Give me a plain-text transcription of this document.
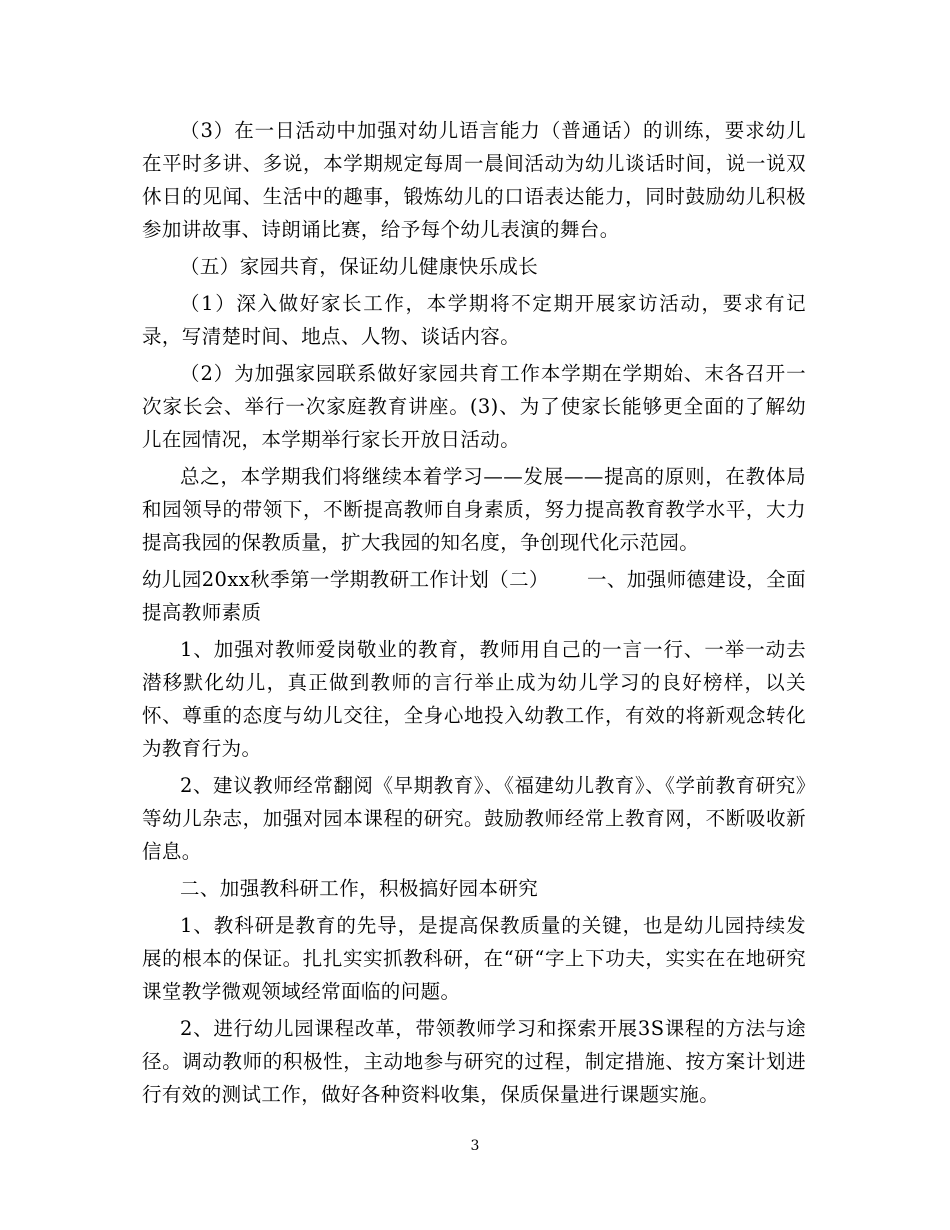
（3）在一日活动中加强对幼儿语言能力（普通话）的训练，要求幼儿在平时多讲、多说，本学期规定每周一晨间活动为幼儿谈话时间，说一说双休日的见闻、生活中的趣事，锻炼幼儿的口语表达能力，同时鼓励幼儿积极参加讲故事、诗朗诵比赛，给予每个幼儿表演的舞台。

（五）家园共育，保证幼儿健康快乐成长

（1）深入做好家长工作，本学期将不定期开展家访活动，要求有记录，写清楚时间、地点、人物、谈话内容。

（2）为加强家园联系做好家园共育工作本学期在学期始、末各召开一次家长会、举行一次家庭教育讲座。(3)、为了使家长能够更全面的了解幼儿在园情况，本学期举行家长开放日活动。

总之，本学期我们将继续本着学习——发展——提高的原则，在教体局和园领导的带领下，不断提高教师自身素质，努力提高教育教学水平，大力提高我园的保教质量，扩大我园的知名度，争创现代化示范园。

幼儿园20xx秋季第一学期教研工作计划（二） 一、加强师德建设，全面提高教师素质

1、加强对教师爱岗敬业的教育，教师用自己的一言一行、一举一动去潜移默化幼儿，真正做到教师的言行举止成为幼儿学习的良好榜样，以关怀、尊重的态度与幼儿交往，全身心地投入幼教工作，有效的将新观念转化为教育行为。

2、建议教师经常翻阅《早期教育》、《福建幼儿教育》、《学前教育研究》等幼儿杂志，加强对园本课程的研究。鼓励教师经常上教育网，不断吸收新信息。

二、加强教科研工作，积极搞好园本研究

1、教科研是教育的先导，是提高保教质量的关键，也是幼儿园持续发展的根本的保证。扎扎实实抓教科研，在“研“字上下功夫，实实在在地研究课堂教学微观领域经常面临的问题。

2、进行幼儿园课程改革，带领教师学习和探索开展3S课程的方法与途径。调动教师的积极性，主动地参与研究的过程，制定措施、按方案计划进行有效的测试工作，做好各种资料收集，保质保量进行课题实施。

3
